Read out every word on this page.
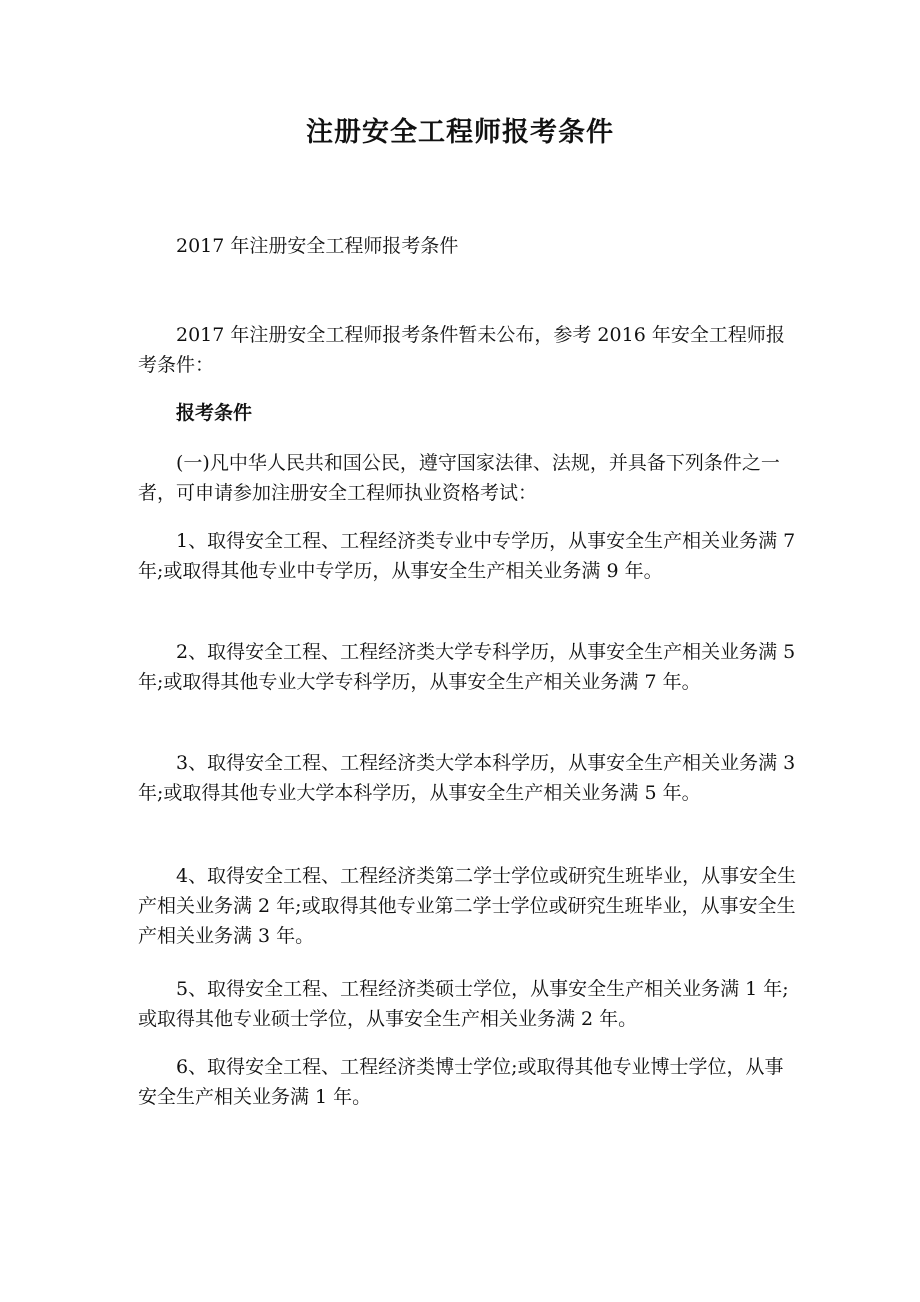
注册安全工程师报考条件

2017 年注册安全工程师报考条件

2017 年注册安全工程师报考条件暂未公布，参考 2016 年安全工程师报考条件：

报考条件

(一)凡中华人民共和国公民，遵守国家法律、法规，并具备下列条件之一者，可申请参加注册安全工程师执业资格考试：

1、取得安全工程、工程经济类专业中专学历，从事安全生产相关业务满 7 年;或取得其他专业中专学历，从事安全生产相关业务满 9 年。

2、取得安全工程、工程经济类大学专科学历，从事安全生产相关业务满 5 年;或取得其他专业大学专科学历，从事安全生产相关业务满 7 年。

3、取得安全工程、工程经济类大学本科学历，从事安全生产相关业务满 3 年;或取得其他专业大学本科学历，从事安全生产相关业务满 5 年。

4、取得安全工程、工程经济类第二学士学位或研究生班毕业，从事安全生产相关业务满 2 年;或取得其他专业第二学士学位或研究生班毕业，从事安全生产相关业务满 3 年。

5、取得安全工程、工程经济类硕士学位，从事安全生产相关业务满 1 年;或取得其他专业硕士学位，从事安全生产相关业务满 2 年。

6、取得安全工程、工程经济类博士学位;或取得其他专业博士学位，从事安全生产相关业务满 1 年。
